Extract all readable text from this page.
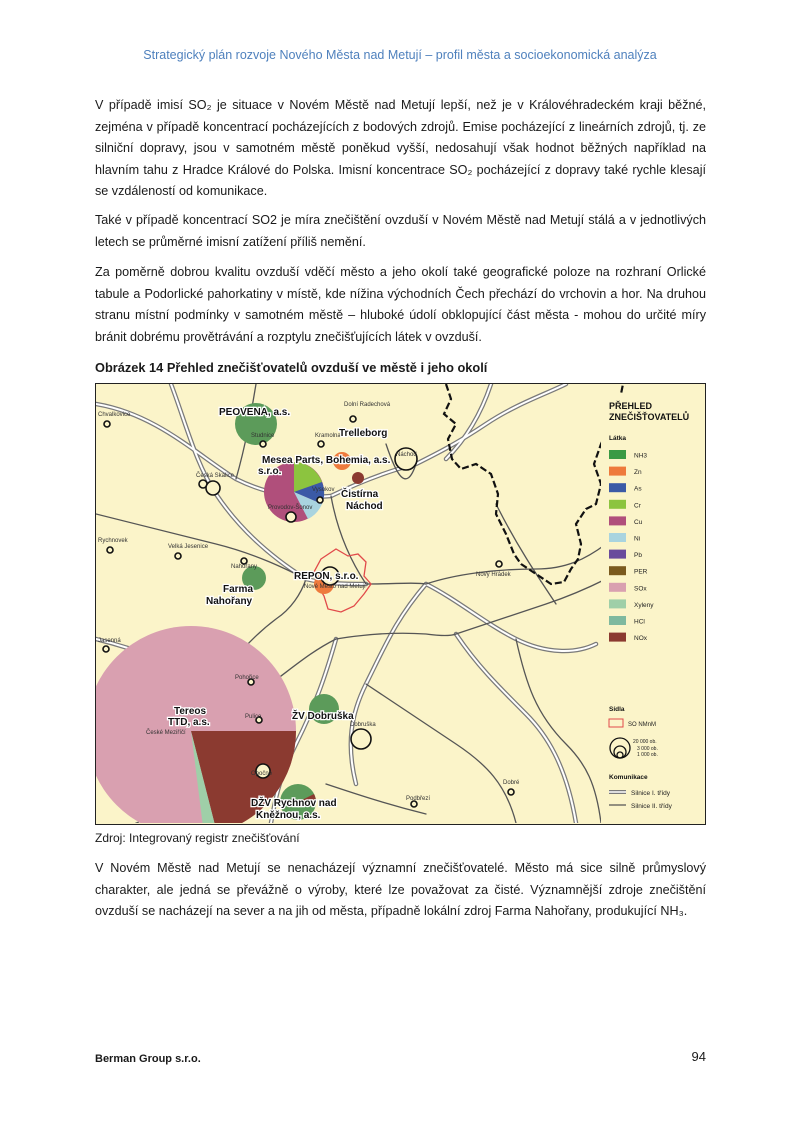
Strategický plán rozvoje Nového Města nad Metují – profil města a socioekonomická analýza

V případě imisí SO₂ je situace v Novém Městě nad Metují lepší, než je v Královéhradeckém kraji běžné, zejména v případě koncentrací pocházejících z bodových zdrojů. Emise pocházející z lineárních zdrojů, tj. ze silniční dopravy, jsou v samotném městě poněkud vyšší, nedosahují však hodnot běžných například na hlavním tahu z Hradce Králové do Polska. Imisní koncentrace SO₂ pocházející z dopravy také rychle klesají se vzdáleností od komunikace.

Také v případě koncentrací SO2 je míra znečištění ovzduší v Novém Městě nad Metují stálá a v jednotlivých letech se průměrné imisní zatížení příliš nemění.

Za poměrně dobrou kvalitu ovzduší vděčí město a jeho okolí také geografické poloze na rozhraní Orlické tabule a Podorlické pahorkatiny v místě, kde nížina východních Čech přechází do vrchovin a hor. Na druhou stranu místní podmínky v samotném městě – hluboké údolí obklopující část města - mohou do určité míry bránit dobrému provětrávání a rozptylu znečišťujících látek v ovzduší.

Obrázek 14 Přehled znečišťovatelů ovzduší ve městě i jeho okolí
Chvalkovice
Studnice	Kramolna
Dolní Radechová
Česká Skalice
Vysokov
Náchod
Provodov-Šonov
Rychnovek
Velká Jesenice
Nahořany
Nové Město nad Metují
Nový Hrádek
Jasenná
Pohořice
České Meziříčí
Pulice
Dobruška
Opočno
Dobré
Podbřezí
PEOVENA, a.s.
Trelleborg
Mesea Parts, Bohemia, a.s.
s.r.o.
Čistírna
Náchod
REPON, s.r.o.
Farma
Nahořany
Tereos
TTD, a.s.
ŽV Dobruška
DŽV Rychnov nad
Kněžnou, a.s.
PŘEHLED
ZNEČIŠŤOVATELŮ
Látka
NH3
Zn
As
Cr
Cu
Ni
Pb
PER
SOx
Xyleny
HCl
NOx
Sídla
SO NMnM
20 000 ob.
3 000 ob.
1 000 ob.
Komunikace
Silnice I. třídy
Silnice II. třídy
Zdroj: Integrovaný registr znečišťování

V Novém Městě nad Metují se nenacházejí významní znečišťovatelé. Město má sice silně průmyslový charakter, ale jedná se převážně o výroby, které lze považovat za čisté. Významnější zdroje znečištění ovzduší se nacházejí na sever a na jih od města, případně lokální zdroj Farma Nahořany, produkující NH₃.

Berman Group s.r.o.	94
